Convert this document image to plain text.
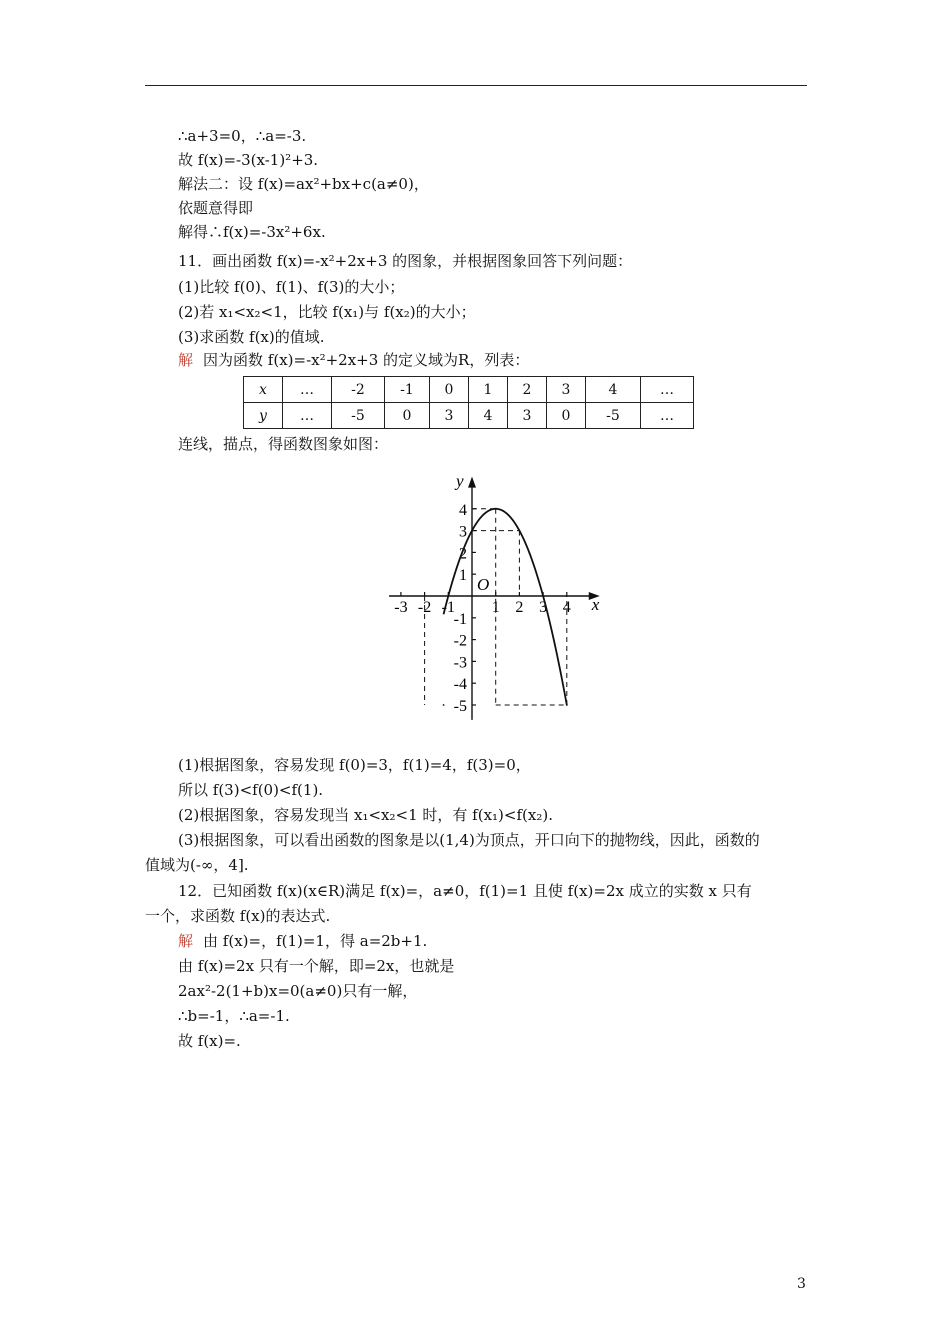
∴a+3=0，∴a=-3.
故 f(x)=-3(x-1)²+3.
解法二：设 f(x)=ax²+bx+c(a≠0)，
依题意得即
解得∴f(x)=-3x²+6x.
11．画出函数 f(x)=-x²+2x+3 的图象，并根据图象回答下列问题：
(1)比较 f(0)、f(1)、f(3)的大小；
(2)若 x₁<x₂<1，比较 f(x₁)与 f(x₂)的大小；
(3)求函数 f(x)的值域.
解 因为函数 f(x)=-x²+2x+3 的定义域为R，列表：
x	…	-2	-1	0	1	2	3	4	…
y	…	-5	0	3	4	3	0	-5	…
连线，描点，得函数图象如图：
x
y
O
-3 -2 -1 1 2 3 4
4
3
2
1
-1
-2
-3
-4
-5
(1)根据图象，容易发现 f(0)=3，f(1)=4，f(3)=0，
所以 f(3)<f(0)<f(1).
(2)根据图象，容易发现当 x₁<x₂<1 时，有 f(x₁)<f(x₂).
(3)根据图象，可以看出函数的图象是以(1,4)为顶点，开口向下的抛物线，因此，函数的
值域为(-∞，4].
12．已知函数 f(x)(x∈R)满足 f(x)=，a≠0，f(1)=1 且使 f(x)=2x 成立的实数 x 只有
一个，求函数 f(x)的表达式.
解 由 f(x)=，f(1)=1，得 a=2b+1.
由 f(x)=2x 只有一个解，即=2x，也就是
2ax²-2(1+b)x=0(a≠0)只有一解，
∴b=-1，∴a=-1.
故 f(x)=.
3
